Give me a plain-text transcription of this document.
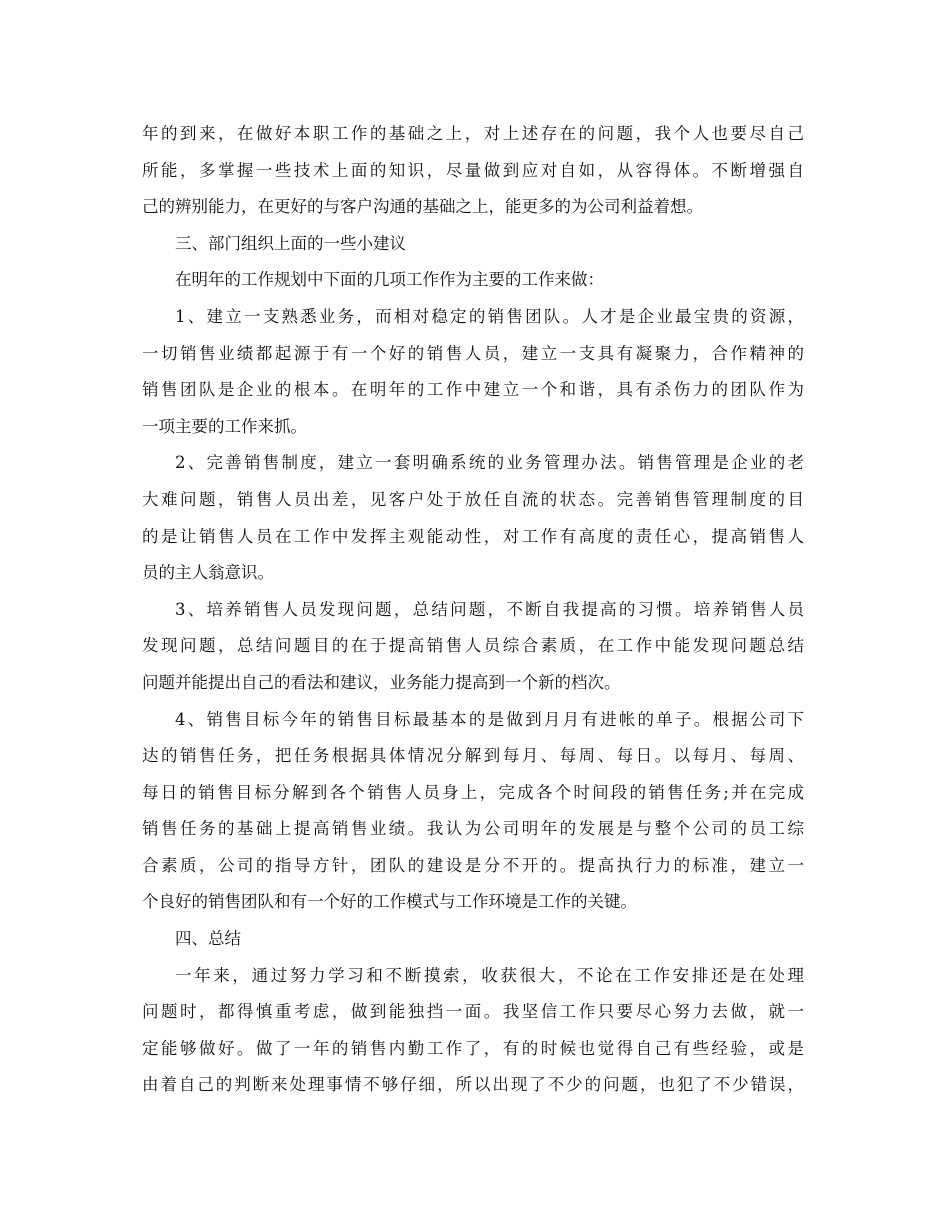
年的到来，在做好本职工作的基础之上，对上述存在的问题，我个人也要尽自己
所能，多掌握一些技术上面的知识，尽量做到应对自如，从容得体。不断增强自
己的辨别能力，在更好的与客户沟通的基础之上，能更多的为公司利益着想。
三、部门组织上面的一些小建议
在明年的工作规划中下面的几项工作作为主要的工作来做：
1、建立一支熟悉业务，而相对稳定的销售团队。人才是企业最宝贵的资源，
一切销售业绩都起源于有一个好的销售人员，建立一支具有凝聚力，合作精神的
销售团队是企业的根本。在明年的工作中建立一个和谐，具有杀伤力的团队作为
一项主要的工作来抓。
2、完善销售制度，建立一套明确系统的业务管理办法。销售管理是企业的老
大难问题，销售人员出差，见客户处于放任自流的状态。完善销售管理制度的目
的是让销售人员在工作中发挥主观能动性，对工作有高度的责任心，提高销售人
员的主人翁意识。
3、培养销售人员发现问题，总结问题，不断自我提高的习惯。培养销售人员
发现问题，总结问题目的在于提高销售人员综合素质，在工作中能发现问题总结
问题并能提出自己的看法和建议，业务能力提高到一个新的档次。
4、销售目标今年的销售目标最基本的是做到月月有进帐的单子。根据公司下
达的销售任务，把任务根据具体情况分解到每月、每周、每日。以每月、每周、
每日的销售目标分解到各个销售人员身上，完成各个时间段的销售任务;并在完成
销售任务的基础上提高销售业绩。我认为公司明年的发展是与整个公司的员工综
合素质，公司的指导方针，团队的建设是分不开的。提高执行力的标准，建立一
个良好的销售团队和有一个好的工作模式与工作环境是工作的关键。
四、总结
一年来，通过努力学习和不断摸索，收获很大，不论在工作安排还是在处理
问题时，都得慎重考虑，做到能独挡一面。我坚信工作只要尽心努力去做，就一
定能够做好。做了一年的销售内勤工作了，有的时候也觉得自己有些经验，或是
由着自己的判断来处理事情不够仔细，所以出现了不少的问题，也犯了不少错误，
